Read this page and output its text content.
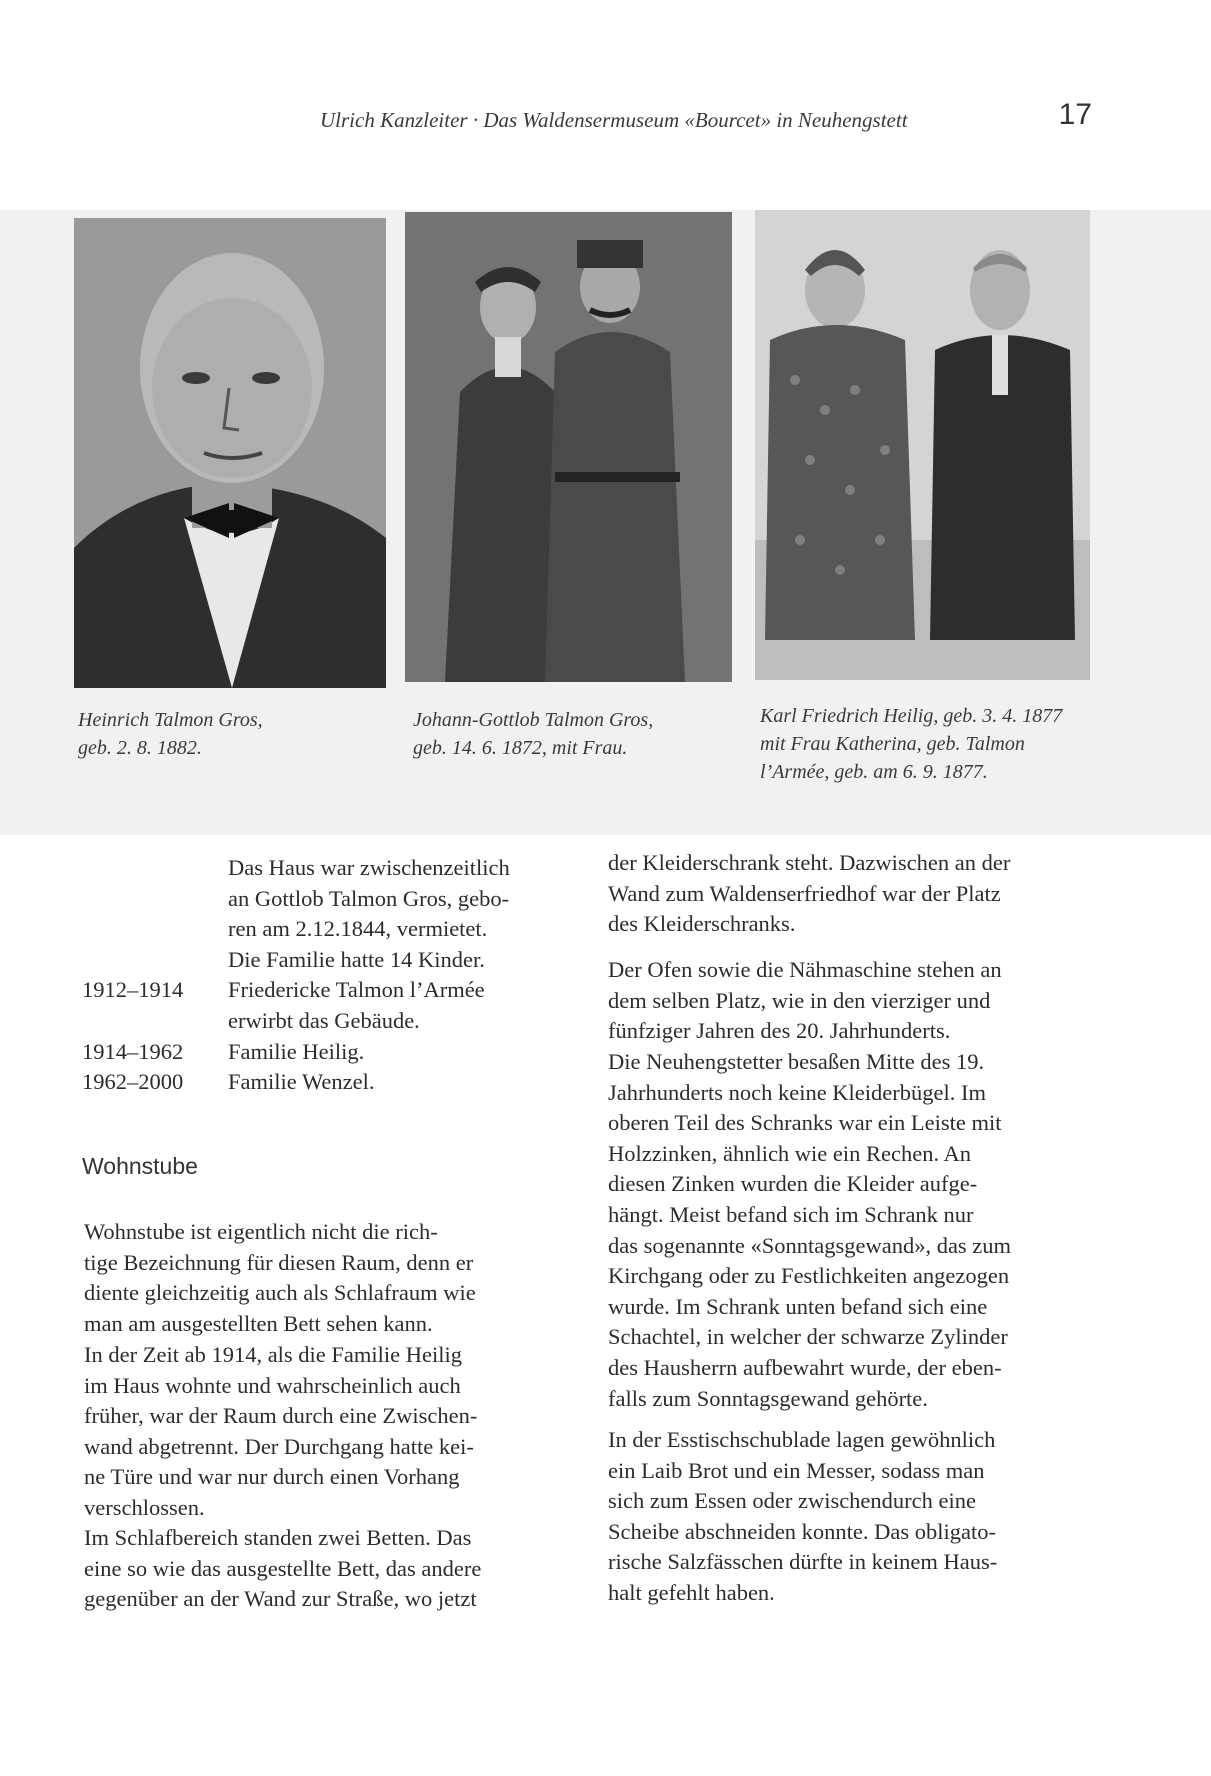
Ulrich Kanzleiter · Das Waldensermuseum «Bourcet» in Neuhengstett	17
Heinrich Talmon Gros,
geb. 2. 8. 1882.
Johann-Gottlob Talmon Gros,
geb. 14. 6. 1872, mit Frau.
Karl Friedrich Heilig, geb. 3. 4. 1877
mit Frau Katherina, geb. Talmon
l’Armée, geb. am 6. 9. 1877.
Das Haus war zwischenzeitlich
an Gottlob Talmon Gros, gebo-
ren am 2.12.1844, vermietet.
Die Familie hatte 14 Kinder.
1912–1914	Friedericke Talmon l’Armée
erwirbt das Gebäude.
1914–1962	Familie Heilig.
1962–2000	Familie Wenzel.
Wohnstube
Wohnstube ist eigentlich nicht die rich-
tige Bezeichnung für diesen Raum, denn er
diente gleichzeitig auch als Schlafraum wie
man am ausgestellten Bett sehen kann.
In der Zeit ab 1914, als die Familie Heilig
im Haus wohnte und wahrscheinlich auch
früher, war der Raum durch eine Zwischen-
wand abgetrennt. Der Durchgang hatte kei-
ne Türe und war nur durch einen Vorhang
verschlossen.
Im Schlafbereich standen zwei Betten. Das
eine so wie das ausgestellte Bett, das andere
gegenüber an der Wand zur Straße, wo jetzt
der Kleiderschrank steht. Dazwischen an der
Wand zum Waldenserfriedhof war der Platz
des Kleiderschranks.
Der Ofen sowie die Nähmaschine stehen an
dem selben Platz, wie in den vierziger und
fünfziger Jahren des 20. Jahrhunderts.
Die Neuhengstetter besaßen Mitte des 19.
Jahrhunderts noch keine Kleiderbügel. Im
oberen Teil des Schranks war ein Leiste mit
Holzzinken, ähnlich wie ein Rechen. An
diesen Zinken wurden die Kleider aufge-
hängt. Meist befand sich im Schrank nur
das sogenannte «Sonntagsgewand», das zum
Kirchgang oder zu Festlichkeiten angezogen
wurde. Im Schrank unten befand sich eine
Schachtel, in welcher der schwarze Zylinder
des Hausherrn aufbewahrt wurde, der eben-
falls zum Sonntagsgewand gehörte.
In der Esstischschublade lagen gewöhnlich
ein Laib Brot und ein Messer, sodass man
sich zum Essen oder zwischendurch eine
Scheibe abschneiden konnte. Das obligato-
rische Salzfässchen dürfte in keinem Haus-
halt gefehlt haben.
